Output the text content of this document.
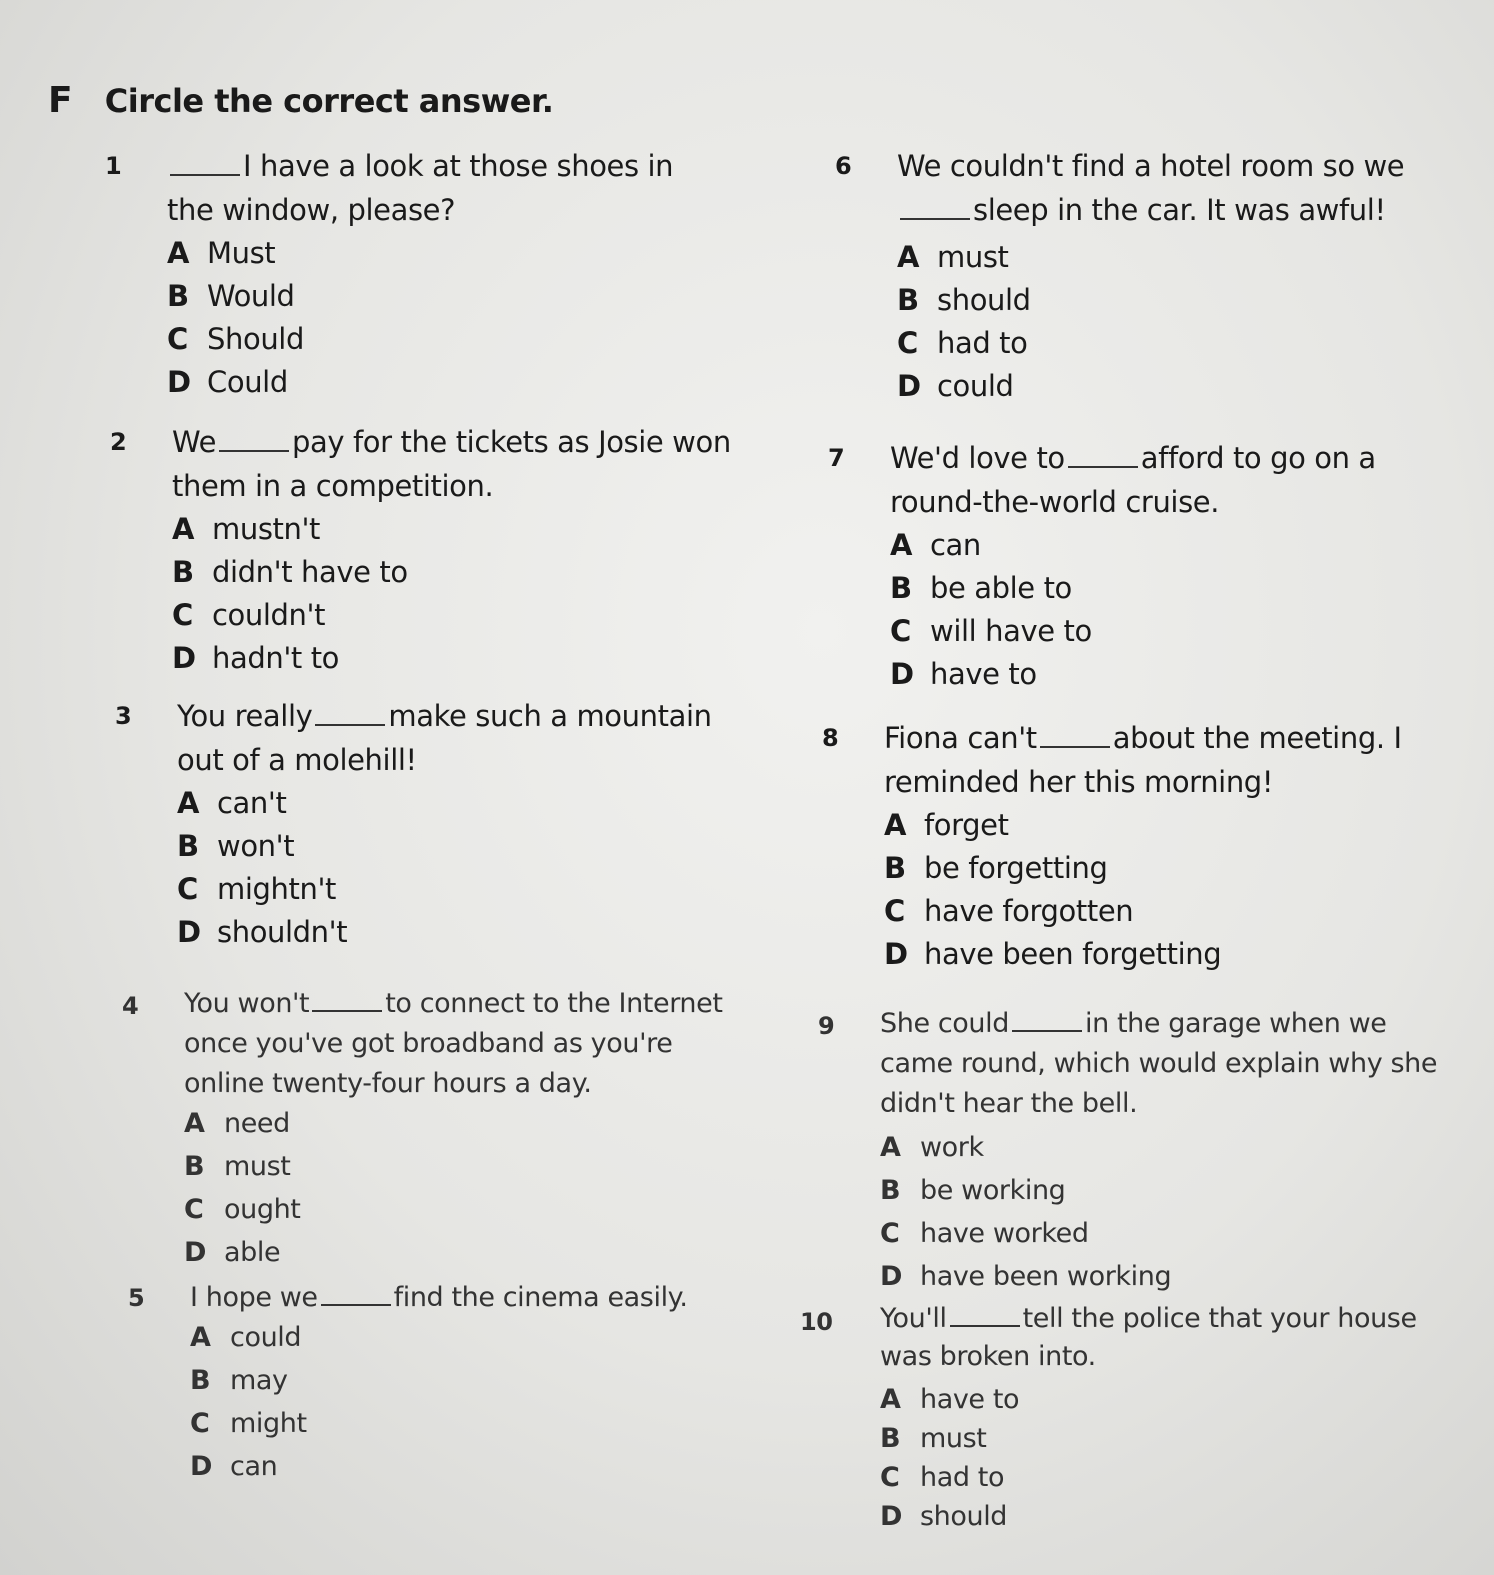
F Circle the correct answer.
1	I have a look at those shoes in the window, please?
A Must
B Would
C Should
D Could
2 We	pay for the tickets as Josie won them in a competition.
A mustn't
B didn't have to
C couldn't
D hadn't to
3 You really	make such a mountain out of a molehill!
A can't
B won't
C mightn't
D shouldn't
4 You won't	to connect to the Internet once you've got broadband as you're online twenty-four hours a day.
A need
B must
C ought
D able
5 I hope we	find the cinema easily.
A could
B may
C might
D can
6 We couldn't find a hotel room so wesleep in the car. It was awful!
A must
B should
C had to
D could
7 We'd love to	afford to go on a round-the-world cruise.
A can
B be able to
C will have to
D have to
8 Fiona can't	about the meeting. I reminded her this morning!
A forget
B be forgetting
C have forgotten
D have been forgetting
9 She could	in the garage when we came round, which would explain why she didn't hear the bell.
A work
B be working
C have worked
D have been working
10 You'll	tell the police that your house was broken into.
A have to
B must
C had to
D should
